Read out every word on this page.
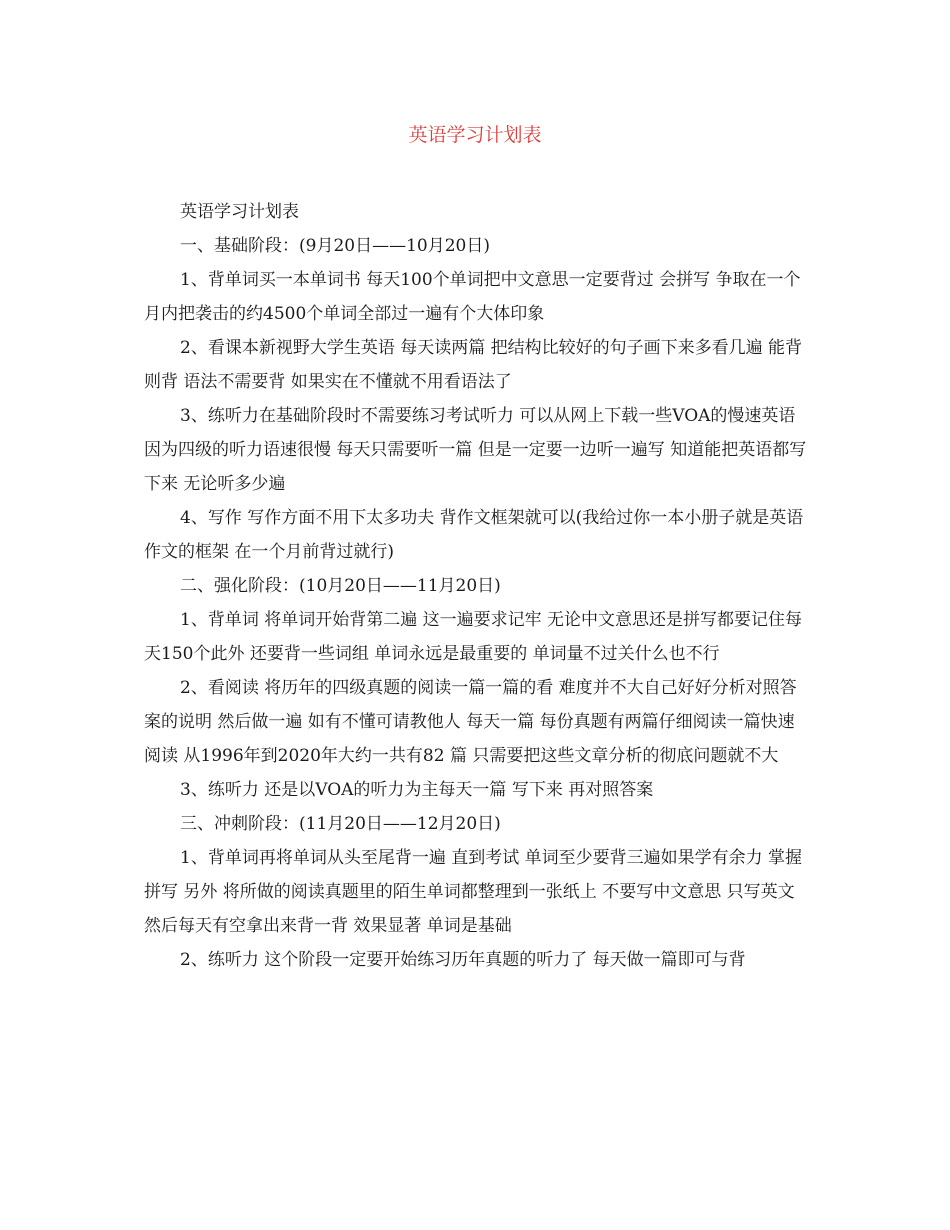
英语学习计划表

英语学习计划表

一、基础阶段：(9月20日——10月20日)

1、背单词买一本单词书 每天100个单词把中文意思一定要背过 会拼写 争取在一个月内把袭击的约4500个单词全部过一遍有个大体印象

2、看课本新视野大学生英语 每天读两篇 把结构比较好的句子画下来多看几遍 能背则背 语法不需要背 如果实在不懂就不用看语法了

3、练听力在基础阶段时不需要练习考试听力 可以从网上下载一些VOA的慢速英语因为四级的听力语速很慢 每天只需要听一篇 但是一定要一边听一遍写 知道能把英语都写下来 无论听多少遍

4、写作 写作方面不用下太多功夫 背作文框架就可以(我给过你一本小册子就是英语作文的框架 在一个月前背过就行)

二、强化阶段：(10月20日——11月20日)

1、背单词 将单词开始背第二遍 这一遍要求记牢 无论中文意思还是拼写都要记住每天150个此外 还要背一些词组 单词永远是最重要的 单词量不过关什么也不行

2、看阅读 将历年的四级真题的阅读一篇一篇的看 难度并不大自己好好分析对照答案的说明 然后做一遍 如有不懂可请教他人 每天一篇 每份真题有两篇仔细阅读一篇快速阅读 从1996年到2020年大约一共有82 篇 只需要把这些文章分析的彻底问题就不大

3、练听力 还是以VOA的听力为主每天一篇 写下来 再对照答案

三、冲刺阶段：(11月20日——12月20日)

1、背单词再将单词从头至尾背一遍 直到考试 单词至少要背三遍如果学有余力 掌握拼写 另外 将所做的阅读真题里的陌生单词都整理到一张纸上 不要写中文意思 只写英文然后每天有空拿出来背一背 效果显著 单词是基础

2、练听力 这个阶段一定要开始练习历年真题的听力了 每天做一篇即可与背
